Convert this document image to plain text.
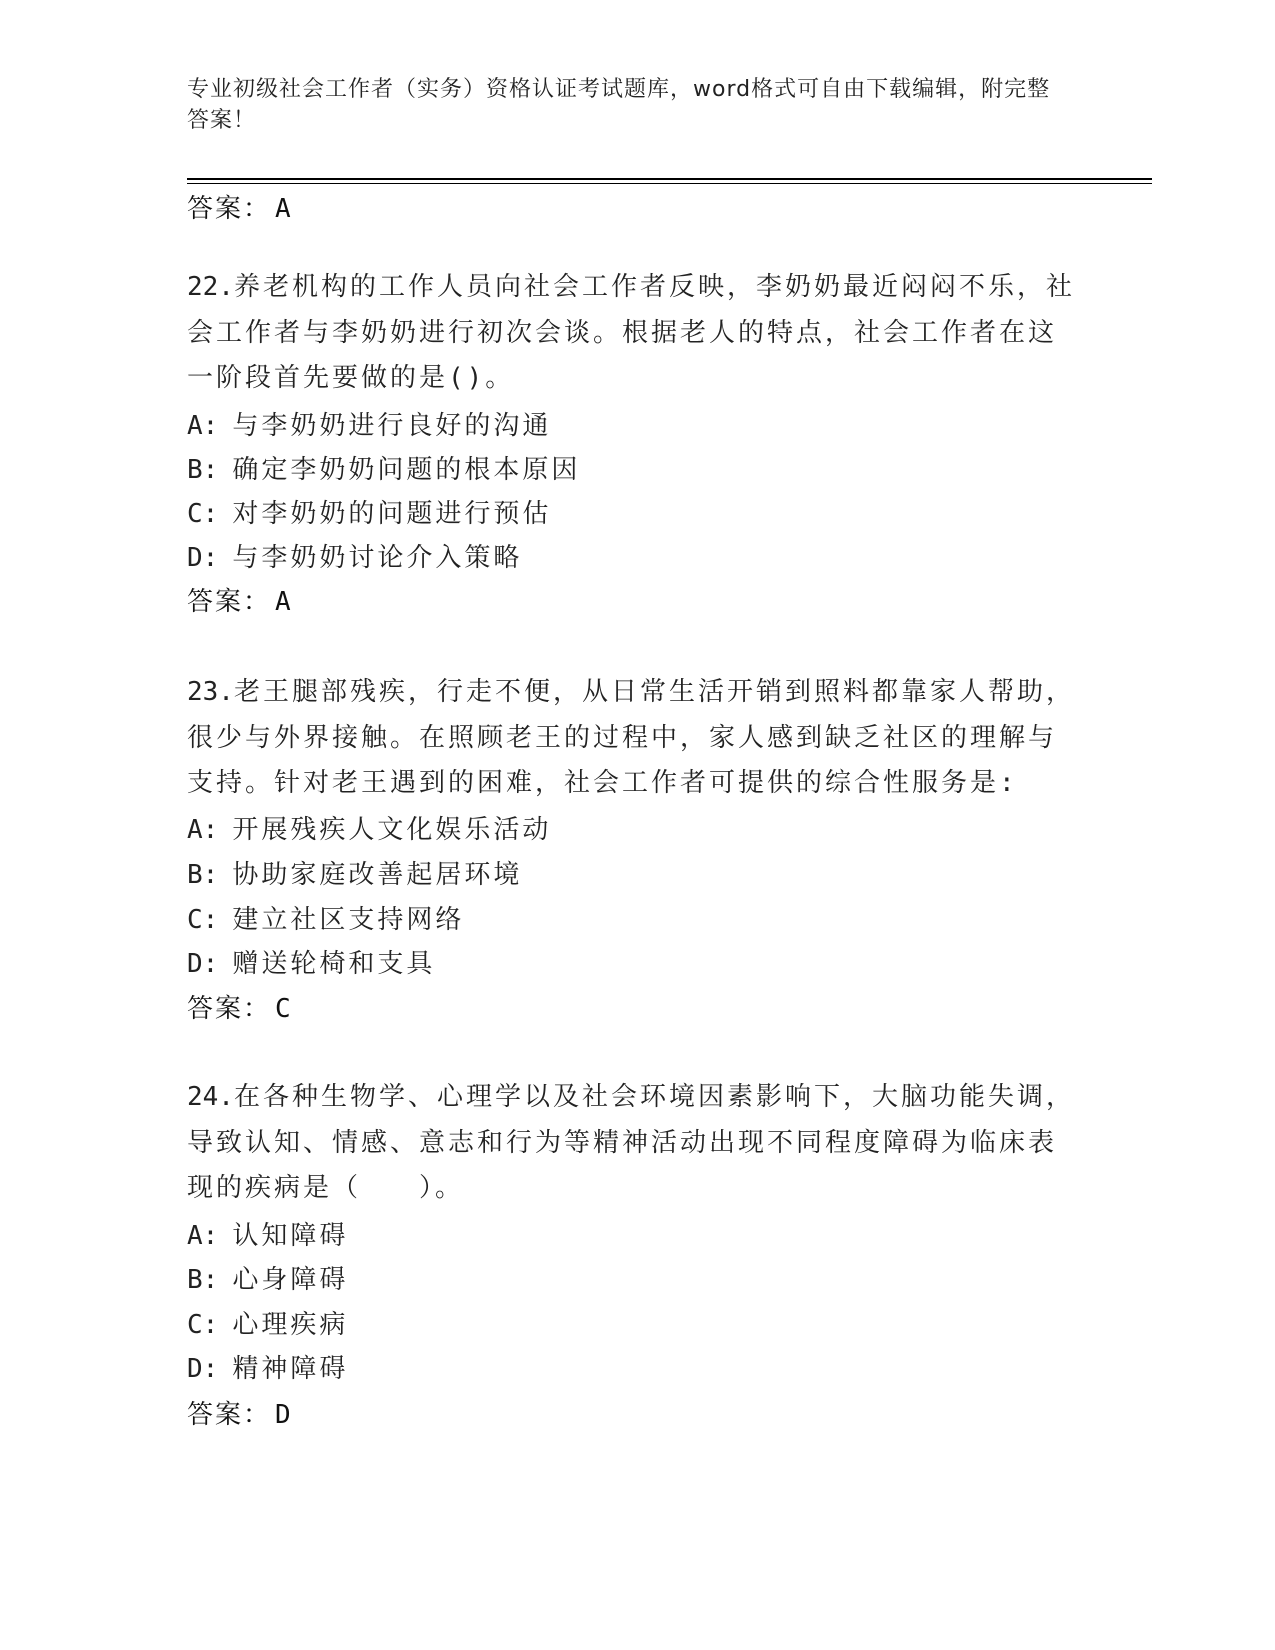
专业初级社会工作者（实务）资格认证考试题库，word格式可自由下载编辑，附完整答案！
答案： A
22.养老机构的工作人员向社会工作者反映，李奶奶最近闷闷不乐，社会工作者与李奶奶进行初次会谈。根据老人的特点，社会工作者在这一阶段首先要做的是()。
A: 与李奶奶进行良好的沟通
B: 确定李奶奶问题的根本原因
C: 对李奶奶的问题进行预估
D: 与李奶奶讨论介入策略
答案： A
23.老王腿部残疾，行走不便，从日常生活开销到照料都靠家人帮助，很少与外界接触。在照顾老王的过程中，家人感到缺乏社区的理解与支持。针对老王遇到的困难，社会工作者可提供的综合性服务是:
A: 开展残疾人文化娱乐活动
B: 协助家庭改善起居环境
C: 建立社区支持网络
D: 赠送轮椅和支具
答案： C
24.在各种生物学、心理学以及社会环境因素影响下，大脑功能失调，导致认知、情感、意志和行为等精神活动出现不同程度障碍为临床表现的疾病是（　　）。
A: 认知障碍
B: 心身障碍
C: 心理疾病
D: 精神障碍
答案： D
